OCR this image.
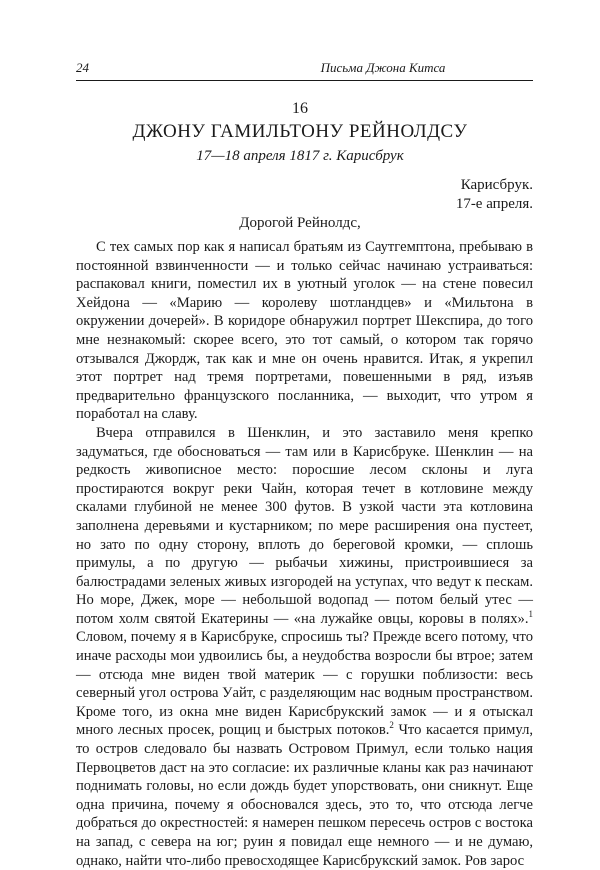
24	Письма Джона Китса
16
ДЖОНУ ГАМИЛЬТОНУ РЕЙНОЛДСУ
17—18 апреля 1817 г. Карисбрук
Карисбрук.
17-е апреля.
Дорогой Рейнолдс,

С тех самых пор как я написал братьям из Саутгемптона, пребываю в постоянной взвинченности — и только сейчас начинаю устраиваться: распаковал книги, поместил их в уютный уголок — на стене повесил Хейдона — «Марию — королеву шотландцев» и «Мильтона в окружении дочерей». В коридоре обнаружил портрет Шекспира, до того мне незнакомый: скорее всего, это тот самый, о котором так горячо отзывался Джордж, так как и мне он очень нравится. Итак, я укрепил этот портрет над тремя портретами, повешенными в ряд, изъяв предварительно французского посланника, — выходит, что утром я поработал на славу.

Вчера отправился в Шенклин, и это заставило меня крепко задуматься, где обосноваться — там или в Карисбруке. Шенклин — на редкость живописное место: поросшие лесом склоны и луга простираются вокруг реки Чайн, которая течет в котловине между скалами глубиной не менее 300 футов. В узкой части эта котловина заполнена деревьями и кустарником; по мере расширения она пустеет, но зато по одну сторону, вплоть до береговой кромки, — сплошь примулы, а по другую — рыбачьи хижины, пристроившиеся за балюстрадами зеленых живых изгородей на уступах, что ведут к пескам. Но море, Джек, море — небольшой водопад — потом белый утес — потом холм святой Екатерины — «на лужайке овцы, коровы в полях».$^1$ Словом, почему я в Карисбруке, спросишь ты? Прежде всего потому, что иначе расходы мои удвоились бы, а неудобства возросли бы втрое; затем — отсюда мне виден твой материк — с горушки поблизости: весь северный угол острова Уайт, с разделяющим нас водным пространством. Кроме того, из окна мне виден Карисбрукский замок — и я отыскал много лесных просек, рощиц и быстрых потоков.$^2$ Что касается примул, то остров следовало бы назвать Островом Примул, если только нация Первоцветов даст на это согласие: их различные кланы как раз начинают поднимать головы, но если дождь будет упорствовать, они сникнут. Еще одна причина, почему я обосновался здесь, это то, что отсюда легче добраться до окрестностей: я намерен пешком пересечь остров с востока на запад, с севера на юг; руин я повидал еще немного — и не думаю, однако, найти что-либо превосходящее Карисбрукский замок. Ров зарос
